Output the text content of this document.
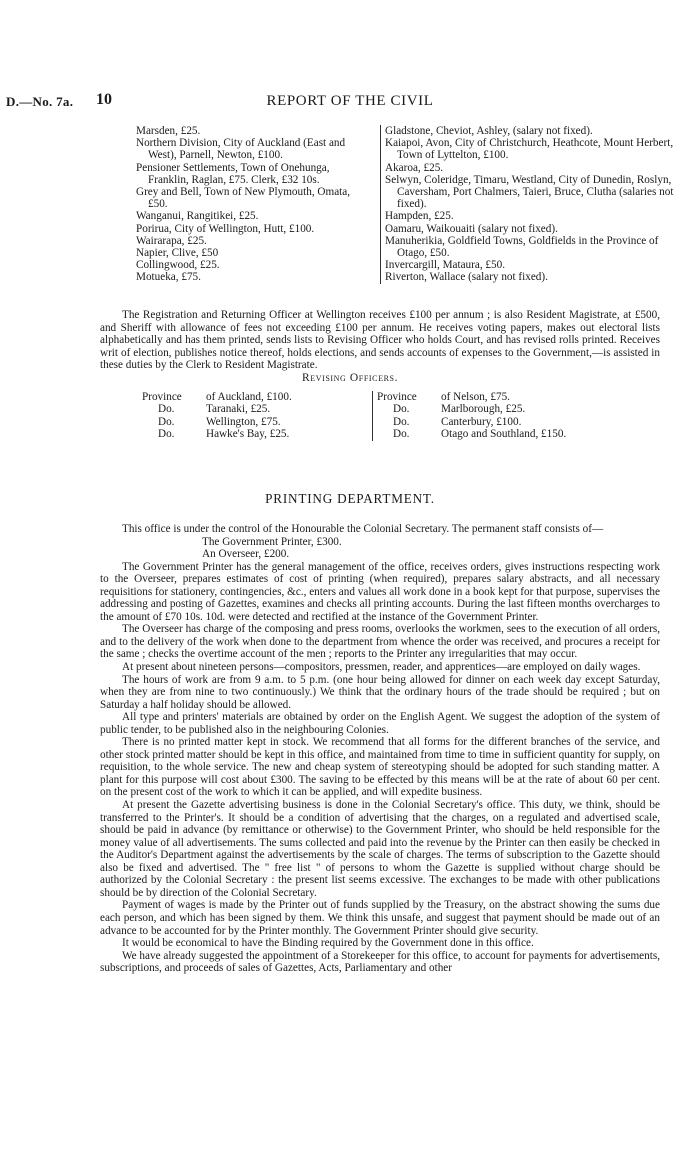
D.—No. 7a. 10	REPORT OF THE CIVIL

Marsden, £25.

Northern Division, City of Auckland (East and West), Parnell, Newton, £100.

Pensioner Settlements, Town of Onehunga, Franklin, Raglan, £75. Clerk, £32 10s.

Grey and Bell, Town of New Plymouth, Omata, £50.

Wanganui, Rangitikei, £25.

Porirua, City of Wellington, Hutt, £100.

Wairarapa, £25.

Napier, Clive, £50

Collingwood, £25.

Motueka, £75.

Gladstone, Cheviot, Ashley, (salary not fixed).

Kaiapoi, Avon, City of Christchurch, Heathcote, Mount Herbert, Town of Lyttelton, £100.

Akaroa, £25.

Selwyn, Coleridge, Timaru, Westland, City of Dunedin, Roslyn, Caversham, Port Chalmers, Taieri, Bruce, Clutha (salaries not fixed).

Hampden, £25.

Oamaru, Waikouaiti (salary not fixed).

Manuherikia, Goldfield Towns, Goldfields in the Province of Otago, £50.

Invercargill, Mataura, £50.

Riverton, Wallace (salary not fixed).

The Registration and Returning Officer at Wellington receives £100 per annum ; is also Resident Magistrate, at £500, and Sheriff with allowance of fees not exceeding £100 per annum. He receives voting papers, makes out electoral lists alphabetically and has them printed, sends lists to Revising Officer who holds Court, and has revised rolls printed. Receives writ of election, publishes notice thereof, holds elections, and sends accounts of expenses to the Government,—is assisted in these duties by the Clerk to Resident Magistrate.

Revising Officers.
Province of Auckland, £100.
Do.	Taranaki, £25.
Do.	Wellington, £75.
Do.	Hawke's Bay, £25.
Province of Nelson, £75.
Do.	Marlborough, £25.
Do.	Canterbury, £100.
Do.	Otago and Southland, £150.
PRINTING DEPARTMENT.

This office is under the control of the Honourable the Colonial Secretary. The permanent staff consists of—

The Government Printer, £300.

An Overseer, £200.

The Government Printer has the general management of the office, receives orders, gives instructions respecting work to the Overseer, prepares estimates of cost of printing (when required), prepares salary abstracts, and all necessary requisitions for stationery, contingencies, &c., enters and values all work done in a book kept for that purpose, supervises the addressing and posting of Gazettes, examines and checks all printing accounts. During the last fifteen months overcharges to the amount of £70 10s. 10d. were detected and rectified at the instance of the Government Printer.

The Overseer has charge of the composing and press rooms, overlooks the workmen, sees to the execution of all orders, and to the delivery of the work when done to the department from whence the order was received, and procures a receipt for the same ; checks the overtime account of the men ; reports to the Printer any irregularities that may occur.

At present about nineteen persons—compositors, pressmen, reader, and apprentices—are employed on daily wages.

The hours of work are from 9 a.m. to 5 p.m. (one hour being allowed for dinner on each week day except Saturday, when they are from nine to two continuously.) We think that the ordinary hours of the trade should be required ; but on Saturday a half holiday should be allowed.

All type and printers' materials are obtained by order on the English Agent. We suggest the adoption of the system of public tender, to be published also in the neighbouring Colonies.

There is no printed matter kept in stock. We recommend that all forms for the different branches of the service, and other stock printed matter should be kept in this office, and maintained from time to time in sufficient quantity for supply, on requisition, to the whole service. The new and cheap system of stereotyping should be adopted for such standing matter. A plant for this purpose will cost about £300. The saving to be effected by this means will be at the rate of about 60 per cent. on the present cost of the work to which it can be applied, and will expedite business.

At present the Gazette advertising business is done in the Colonial Secretary's office. This duty, we think, should be transferred to the Printer's. It should be a condition of advertising that the charges, on a regulated and advertised scale, should be paid in advance (by remittance or otherwise) to the Government Printer, who should be held responsible for the money value of all advertisements. The sums collected and paid into the revenue by the Printer can then easily be checked in the Auditor's Department against the advertisements by the scale of charges. The terms of subscription to the Gazette should also be fixed and advertised. The " free list " of persons to whom the Gazette is supplied without charge should be authorized by the Colonial Secretary : the present list seems excessive. The exchanges to be made with other publications should be by direction of the Colonial Secretary.

Payment of wages is made by the Printer out of funds supplied by the Treasury, on the abstract showing the sums due each person, and which has been signed by them. We think this unsafe, and suggest that payment should be made out of an advance to be accounted for by the Printer monthly. The Government Printer should give security.

It would be economical to have the Binding required by the Government done in this office.

We have already suggested the appointment of a Storekeeper for this office, to account for payments for advertisements, subscriptions, and proceeds of sales of Gazettes, Acts, Parliamentary and other
